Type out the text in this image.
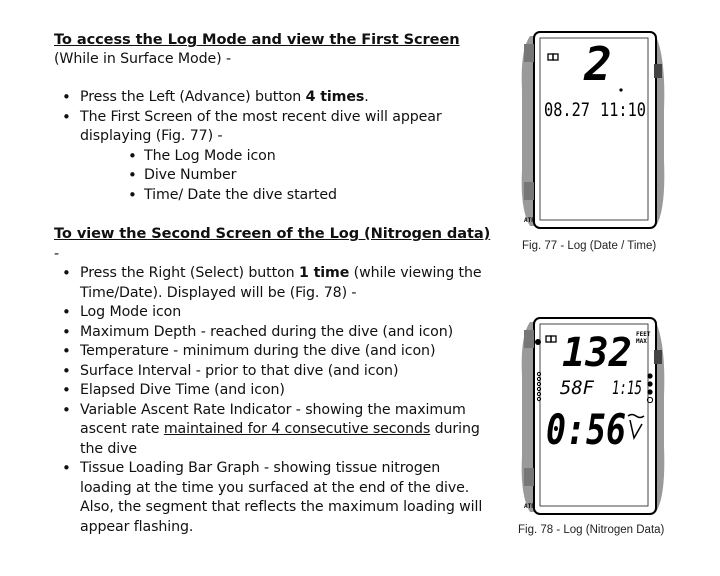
To access the Log Mode and view the First Screen

(While in Surface Mode) -

• Press the Left (Advance) button 4 times.
• The First Screen of the most recent dive will appear displaying (Fig. 77) -
• The Log Mode icon
• Dive Number
• Time/ Date the dive started
To view the Second Screen of the Log (Nitrogen data) -
• Press the Right (Select) button 1 time (while viewing the Time/Date). Displayed will be (Fig. 78) -
• Log Mode icon
• Maximum Depth - reached during the dive (and icon)
• Temperature - minimum during the dive (and icon)
• Surface Interval - prior to that dive (and icon)
• Elapsed Dive Time (and icon)
• Variable Ascent Rate Indicator - showing the maximum ascent rate maintained for 4 consecutive seconds during the dive
• Tissue Loading Bar Graph - showing tissue nitrogen loading at the time you surfaced at the end of the dive. Also, the segment that reflects the maximum loading will appear flashing.
2
08.27 11:10
ATR
Fig. 77 - Log (Date / Time)
132 FEET
MAX
58F 1:15
0:56
ATR
Fig. 78 - Log (Nitrogen Data)
